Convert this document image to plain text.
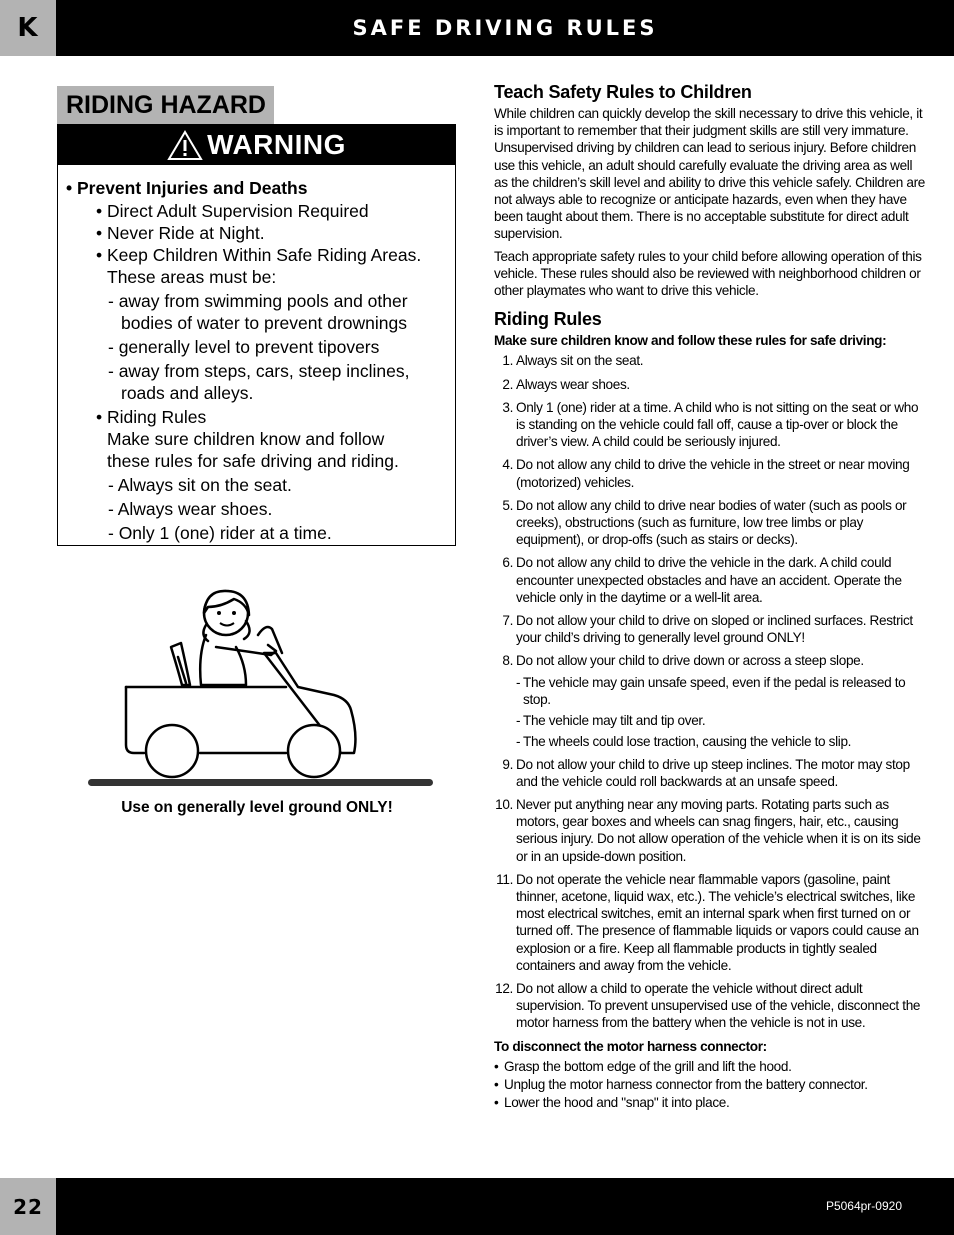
K	SAFE DRIVING RULES
RIDING HAZARD
WARNING
• Prevent Injuries and Deaths
• Direct Adult Supervision Required
• Never Ride at Night.
• Keep Children Within Safe Riding Areas.
These areas must be:
- away from swimming pools and other
bodies of water to prevent drownings
- generally level to prevent tipovers
- away from steps, cars, steep inclines,
roads and alleys.
• Riding Rules
Make sure children know and follow
these rules for safe driving and riding.
- Always sit on the seat.
- Always wear shoes.
- Only 1 (one) rider at a time.
Use on generally level ground ONLY!
Teach Safety Rules to Children
While children can quickly develop the skill necessary to drive this vehicle, it is important to remember that their judgment skills are still very immature. Unsupervised driving by children can lead to serious injury. Before children use this vehicle, an adult should carefully evaluate the driving area as well as the children’s skill level and ability to drive this vehicle safely. Children are not always able to recognize or anticipate hazards, even when they have been taught about them. There is no acceptable substitute for direct adult supervision.
Teach appropriate safety rules to your child before allowing operation of this vehicle. These rules should also be reviewed with neighborhood children or other playmates who want to drive this vehicle.
Riding Rules
Make sure children know and follow these rules for safe driving:
1. Always sit on the seat.
2. Always wear shoes.
3. Only 1 (one) rider at a time. A child who is not sitting on the seat or who is standing on the vehicle could fall off, cause a tip-over or block the driver’s view. A child could be seriously injured.
4. Do not allow any child to drive the vehicle in the street or near moving (motorized) vehicles.
5. Do not allow any child to drive near bodies of water (such as pools or creeks), obstructions (such as furniture, low tree limbs or play equipment), or drop-offs (such as stairs or decks).
6. Do not allow any child to drive the vehicle in the dark. A child could encounter unexpected obstacles and have an accident. Operate the vehicle only in the daytime or a well-lit area.
7. Do not allow your child to drive on sloped or inclined surfaces. Restrict your child’s driving to generally level ground ONLY!
8. Do not allow your child to drive down or across a steep slope.
- The vehicle may gain unsafe speed, even if the pedal is released to stop.
- The vehicle may tilt and tip over.
- The wheels could lose traction, causing the vehicle to slip.
9. Do not allow your child to drive up steep inclines. The motor may stop and the vehicle could roll backwards at an unsafe speed.
10. Never put anything near any moving parts. Rotating parts such as motors, gear boxes and wheels can snag fingers, hair, etc., causing serious injury. Do not allow operation of the vehicle when it is on its side or in an upside-down position.
11. Do not operate the vehicle near flammable vapors (gasoline, paint thinner, acetone, liquid wax, etc.). The vehicle’s electrical switches, like most electrical switches, emit an internal spark when first turned on or turned off. The presence of flammable liquids or vapors could cause an explosion or a fire. Keep all flammable products in tightly sealed containers and away from the vehicle.
12. Do not allow a child to operate the vehicle without direct adult supervision. To prevent unsupervised use of the vehicle, disconnect the motor harness from the battery when the vehicle is not in use.
To disconnect the motor harness connector:
• Grasp the bottom edge of the grill and lift the hood.
• Unplug the motor harness connector from the battery connector.
• Lower the hood and "snap" it into place.
22	P5064pr-0920
